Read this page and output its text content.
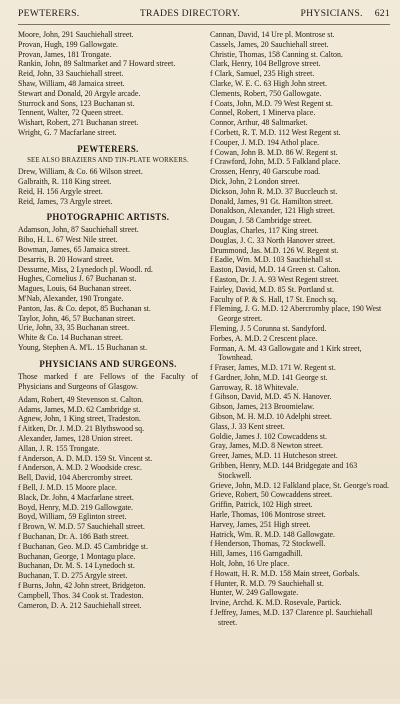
PEWTERERS.	TRADES DIRECTORY.	PHYSICIANS. 621
Moore, John, 291 Sauchiehall street.
Provan, Hugh, 199 Gallowgate.
Provan, James, 181 Trongate.
Rankin, John, 89 Saltmarket and 7 Howard street.
Reid, John, 33 Sauchiehall street.
Shaw, William, 48 Jamaica street.
Stewart and Donald, 20 Argyle arcade.
Sturrock and Sons, 123 Buchanan st.
Tennent, Walter, 72 Queen street.
Wishart, Robert, 271 Buchanan street.
Wright, G. 7 Macfarlane street.
PEWTERERS.
SEE ALSO BRAZIERS AND TIN-PLATE WORKERS.
Drew, William, & Co. 66 Wilson street.
Galbraith, R. 118 King street.
Reid, H. 156 Argyle street.
Reid, James, 73 Argyle street.
PHOTOGRAPHIC ARTISTS.
Adamson, John, 87 Sauchiehall street.
Bibo, H. L. 67 West Nile street.
Bowman, James, 65 Jamaica street.
Desarris, B. 20 Howard street.
Dessurne, Miss, 2 Lynedoch pl. Woodl. rd.
Hughes, Cornelius J. 67 Buchanan st.
Magues, Louis, 64 Buchanan street.
M'Nab, Alexander, 190 Trongate.
Panton, Jas. & Co. depot, 85 Buchanan st.
Taylor, John, 46, 57 Buchanan street.
Urie, John, 33, 35 Buchanan street.
White & Co. 14 Buchanan street.
Young, Stephen A. M'L. 15 Buchanan st.
PHYSICIANS AND SURGEONS.
Those marked f are Fellows of the Faculty of Physicians and Surgeons of Glasgow.
Adam, Robert, 49 Stevenson st. Calton.
Adams, James, M.D. 62 Cambridge st.
Agnew, John, 1 King street, Tradeston.
f Aitken, Dr. J. M.D. 21 Blythswood sq.
Alexander, James, 128 Union street.
Allan, J. R. 155 Trongate.
f Anderson, A. D. M.D. 159 St. Vincent st.
f Anderson, A. M.D. 2 Woodside cresc.
Bell, David, 104 Abercromby street.
f Bell, J. M.D. 15 Moore place.
Black, Dr. John, 4 Macfarlane street.
Boyd, Henry, M.D. 219 Gallowgate.
Boyd, William, 59 Eglinton street.
f Brown, W. M.D. 57 Sauchiehall street.
f Buchanan, Dr. A. 186 Bath street.
f Buchanan, Geo. M.D. 45 Cambridge st.
Buchanan, George, 1 Montagu place.
Buchanan, Dr. M. S. 14 Lynedoch st.
Buchanan, T. D. 275 Argyle street.
f Burns, John, 42 John street, Bridgeton.
Campbell, Thos. 34 Cook st. Tradeston.
Cameron, D. A. 212 Sauchiehall street.
Cannan, David, 14 Ure pl. Montrose st.
Cassels, James, 20 Sauchiehall street.
Christie, Thomas, 158 Canning st. Calton.
Clark, Henry, 104 Bellgrove street.
f Clark, Samuel, 235 High street.
Clarke, W. E. C. 63 High John street.
Clements, Robert, 750 Gallowgate.
f Coats, John, M.D. 79 West Regent st.
Connel, Robert, 1 Minerva place.
Connor, Arthur, 48 Saltmarket.
f Corbett, R. T. M.D. 112 West Regent st.
f Couper, J. M.D. 194 Athol place.
f Cowan, John B. M.D. 86 W. Regent st.
f Crawford, John, M.D. 5 Falkland place.
Crossen, Henry, 40 Garscube road.
Dick, John, 2 London street.
Dickson, John R. M.D. 37 Buccleuch st.
Donald, James, 91 Gt. Hamilton street.
Donaldson, Alexander, 121 High street.
Dougan, J. 58 Cambridge street.
Douglas, Charles, 117 King street.
Douglas, J. C. 33 North Hanover street.
Drummond, Jas. M.D. 126 W. Regent st.
f Eadie, Wm. M.D. 103 Sauchiehall st.
Easton, David, M.D. 14 Green st. Calton.
f Easton, Dr. J. A. 93 West Regent street.
Fairley, David, M.D. 85 St. Portland st.
Faculty of P. & S. Hall, 17 St. Enoch sq.
f Fleming, J. G. M.D. 12 Abercromby place, 190 West George street.
Fleming, J. 5 Corunna st. Sandyford.
Forbes, A. M.D. 2 Crescent place.
Forman, A. M. 43 Gallowgate and 1 Kirk street, Townhead.
f Fraser, James, M.D. 171 W. Regent st.
f Gardner, John, M.D. 141 George st.
Garroway, R. 18 Whitevale.
f Gibson, David, M.D. 45 N. Hanover.
Gibson, James, 213 Broomielaw.
Gibson, M. H. M.D. 10 Adelphi street.
Glass, J. 33 Kent street.
Goldie, James J. 102 Cowcaddens st.
Gray, James, M.D. 8 Newton street.
Greer, James, M.D. 11 Hutcheson street.
Gribben, Henry, M.D. 144 Bridgegate and 163 Stockwell.
Grieve, John, M.D. 12 Falkland place, St. George's road.
Grieve, Robert, 50 Cowcaddens street.
Griffin, Patrick, 102 High street.
Harle, Thomas, 106 Montrose street.
Harvey, James, 251 High street.
Hatrick, Wm. R. M.D. 148 Gallowgate.
f Henderson, Thomas, 72 Stockwell.
Hill, James, 116 Garngadhill.
Holt, John, 16 Ure place.
f Howatt, H. R. M.D. 158 Main street, Gorbals.
f Hunter, R. M.D. 79 Sauchiehall st.
Hunter, W. 249 Gallowgate.
Irvine, Archd. K. M.D. Rosevale, Partick.
f Jeffrey, James, M.D. 137 Clarence pl. Sauchiehall street.
